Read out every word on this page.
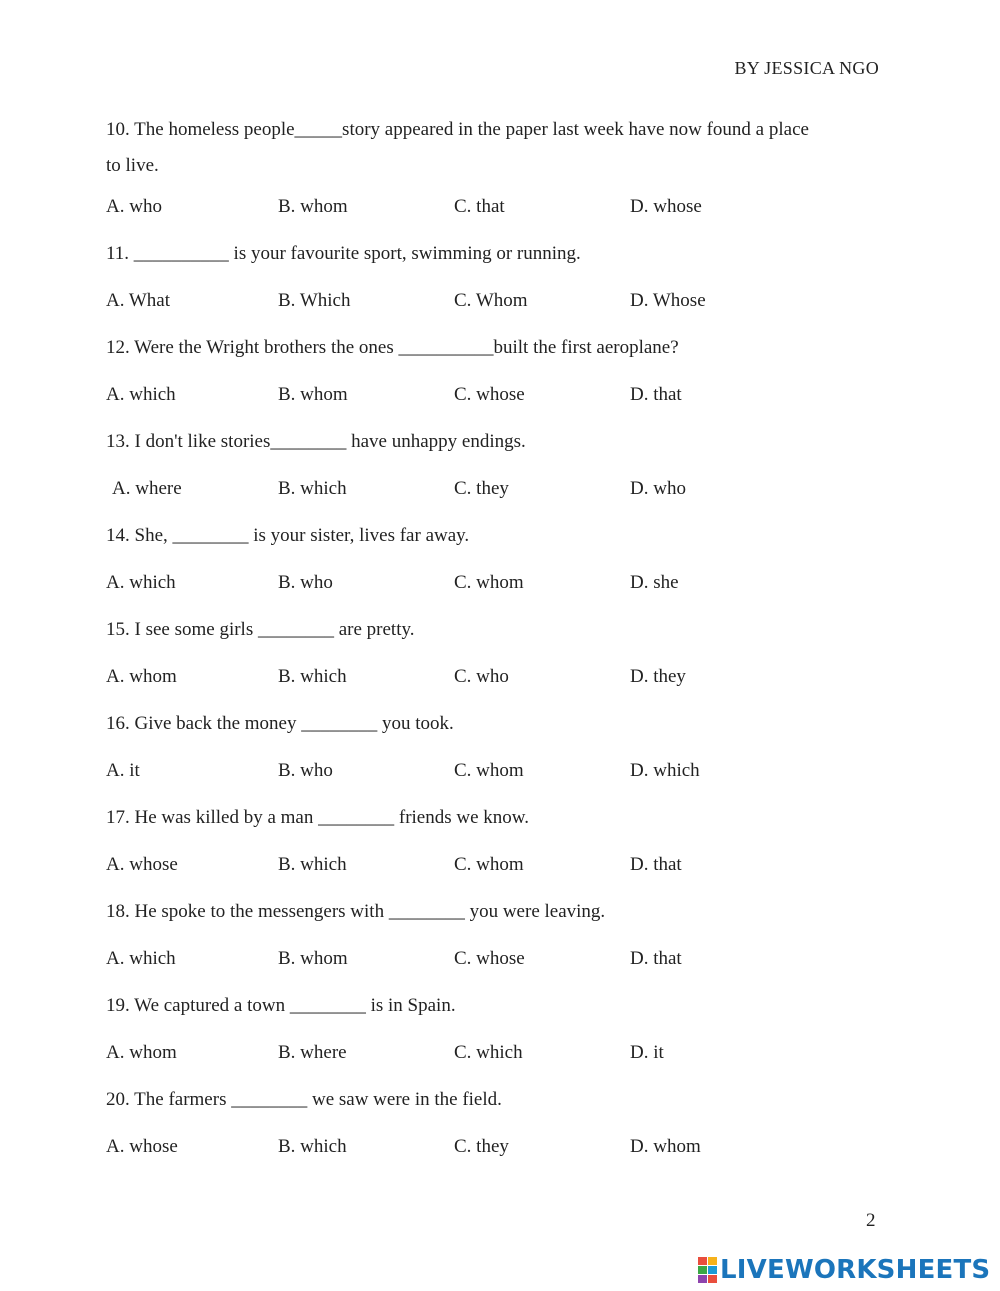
BY JESSICA NGO

10. The homeless people_____story appeared in the paper last week have now found a place

to live.

A. who	B. whom	C. that	D. whose
11. __________ is your favourite sport, swimming or running.
A. What	B. Which	C. Whom	D. Whose
12. Were the Wright brothers the ones __________built the first aeroplane?
A. which	B. whom	C. whose	D. that
13. I don't like stories________ have unhappy endings.
A. where	B. which	C. they	D. who
14. She, ________ is your sister, lives far away.
A. which	B. who	C. whom	D. she
15. I see some girls ________ are pretty.
A. whom	B. which	C. who	D. they
16. Give back the money ________ you took.
A. it	B. who	C. whom	D. which
17. He was killed by a man ________ friends we know.
A. whose	B. which	C. whom	D. that
18. He spoke to the messengers with ________ you were leaving.
A. which	B. whom	C. whose	D. that
19. We captured a town ________ is in Spain.
A. whom	B. where	C. which	D. it
20. The farmers ________ we saw were in the field.
A. whose	B. which	C. they	D. whom
2
LIVEWORKSHEETS
